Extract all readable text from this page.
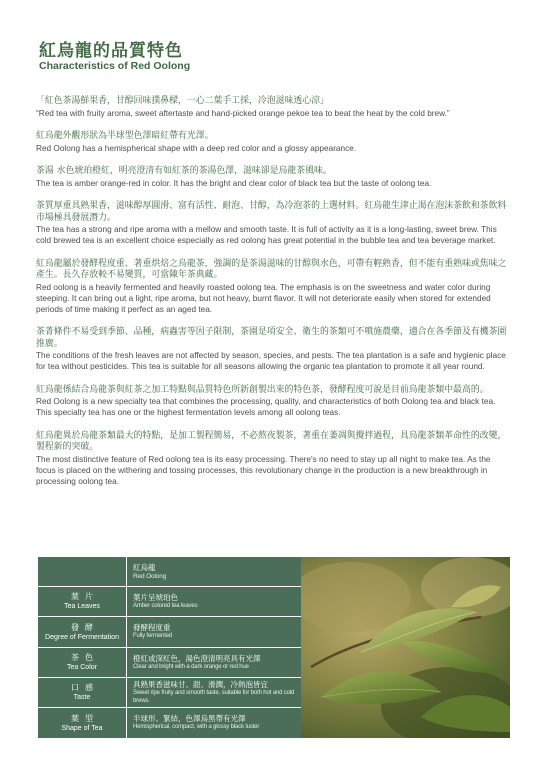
紅烏龍的品質特色
Characteristics of Red Oolong
「紅色茶湯鮮果香，甘醇回味撲鼻樑，一心二葉手工採，冷泡滋味透心涼」
“Red tea with fruity aroma, sweet aftertaste and hand-picked orange pekoe tea to beat the heat by the cold brew.”
紅烏龍外觀形狀為半球型色澤暗紅帶有光澤。
Red Oolong has a hemispherical shape with a deep red color and a glossy appearance.
茶湯 水色琥珀橙紅，明亮澄清有如紅茶的茶湯色澤，滋味卻是烏龍茶風味。
The tea is amber orange-red in color. It has the bright and clear color of black tea but the taste of oolong tea.
茶質厚重具熟果香，滋味醇厚圓滑、富有活性、耐泡、甘醇，為冷泡茶的上選材料。紅烏龍生津止渴在泡沫茶飲和茶飲料市場極具發展潛力。
The tea has a strong and ripe aroma with a mellow and smooth taste. It is full of activity as it is a long-lasting, sweet brew. This cold brewed tea is an excellent choice especially as red oolong has great potential in the bubble tea and tea beverage market.
紅烏龍屬於發酵程度重、著重烘焙之烏龍茶，強調的是茶湯滋味的甘醇與水色，可帶有輕熟香，但不能有重熟味或焦味之產生。長久存放較不易變質，可當陳年茶典藏。
Red oolong is a heavily fermented and heavily roasted oolong tea. The emphasis is on the sweetness and water color during steeping. It can bring out a light, ripe aroma, but not heavy, burnt flavor. It will not deteriorate easily when stored for extended periods of time making it perfect as an aged tea.
茶菁條件不易受到季節、品種，病蟲害等因子限制，茶園是項安全、衛生的茶類可不噴施農藥，適合在各季節及有機茶園推廣。
The conditions of the fresh leaves are not affected by season, species, and pests. The tea plantation is a safe and hygienic place for tea without pesticides. This tea is suitable for all seasons allowing the organic tea plantation to promote it all year round.
紅烏龍係結合烏龍茶與紅茶之加工特點與品質特色所新創製出來的特色茶，發酵程度可說是目前烏龍茶類中最高的。
Red Oolong is a new specialty tea that combines the processing, quality, and characteristics of both Oolong tea and black tea. This specialty tea has one or the highest fermentation levels among all oolong teas.
紅烏龍異於烏龍茶類最大的特點，是加工製程簡易，不必熬夜製茶，著重在萎凋與攪拌過程，具烏龍茶類革命性的改變，製程新的突破。
The most distinctive feature of Red oolong tea is its easy processing. There's no need to stay up all night to make tea. As the focus is placed on the withering and tossing processes, this revolutionary change in the production is a new breakthrough in processing oolong tea.
紅烏龍
Red Oolong
葉片
Tea Leaves
葉片呈琥珀色
Amber colored tea leaves
發酵
Degree of Fermentation
發酵程度重
Fully fermented
茶色
Tea Color
橙紅或深紅色，湯色澄清明亮具有光澤
Clear and bright with a dark orange or red hue
口感
Taste
具熟果香滋味甘、甜、滑潤，冷熱泡皆宜
Sweet ripe fruity and smooth taste, suitable for both hot and cold brews.
葉型
Shape of Tea
半球形、緊結，色澤烏黑帶有光澤
Hemispherical, compact, with a glossy black luster
